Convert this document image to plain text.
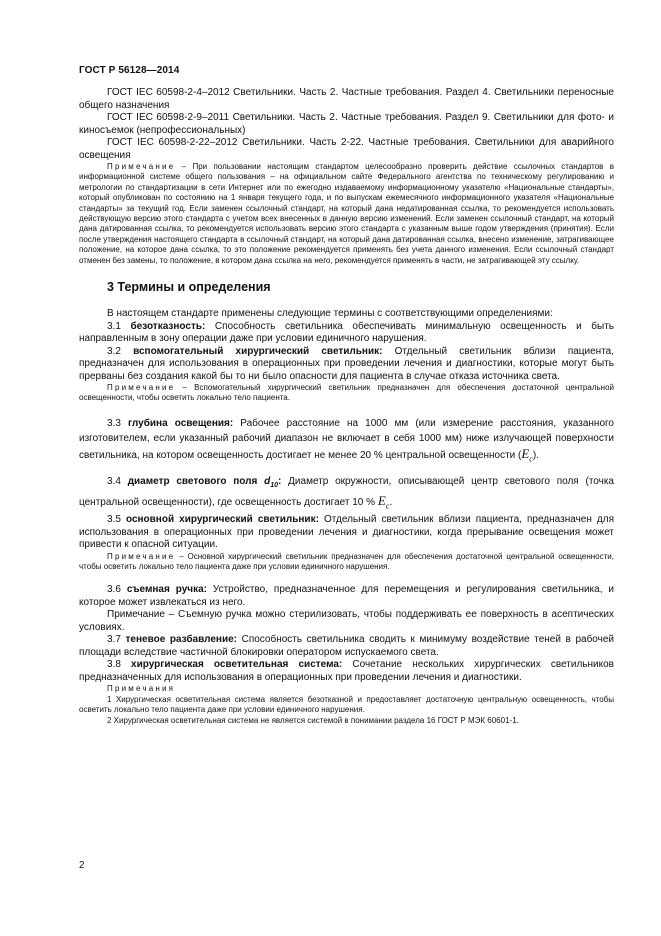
ГОСТ Р 56128—2014

ГОСТ IEC 60598-2-4–2012 Светильники. Часть 2. Частные требования. Раздел 4. Светильники переносные общего назначения

ГОСТ IEC 60598-2-9–2011 Светильники. Часть 2. Частные требования. Раздел 9. Светильники для фото- и киносъемок (непрофессиональных)

ГОСТ IEC 60598-2-22–2012 Светильники. Часть 2-22. Частные требования. Светильники для аварийного освещения

Примечание – При пользовании настоящим стандартом целесообразно проверить действие ссылочных стандартов в информационной системе общего пользования – на официальном сайте Федерального агентства по техническому регулированию и метрологии по стандартизации в сети Интернет или по ежегодно издаваемому информационному указателю «Национальные стандарты», который опубликован по состоянию на 1 января текущего года, и по выпускам ежемесячного информационного указателя «Национальные стандарты» за текущий год. Если заменен ссылочный стандарт, на который дана недатированная ссылка, то рекомендуется использовать действующую версию этого стандарта с учетом всех внесенных в данную версию изменений. Если заменен ссылочный стандарт, на который дана датированная ссылка, то рекомендуется использовать версию этого стандарта с указанным выше годом утверждения (принятия). Если после утверждения настоящего стандарта в ссылочный стандарт, на который дана датированная ссылка, внесено изменение, затрагивающее положение, на которое дана ссылка, то это положение рекомендуется применять без учета данного изменения. Если ссылочный стандарт отменен без замены, то положение, в котором дана ссылка на него, рекомендуется применять в части, не затрагивающей эту ссылку.

3 Термины и определения

В настоящем стандарте применены следующие термины с соответствующими определениями:

3.1 безотказность: Способность светильника обеспечивать минимальную освещенность и быть направленным в зону операции даже при условии единичного нарушения.

3.2 вспомогательный хирургический светильник: Отдельный светильник вблизи пациента, предназначен для использования в операционных при проведении лечения и диагностики, которые могут быть прерваны без создания какой бы то ни было опасности для пациента в случае отказа источника света.

Примечание – Вспомогательный хирургический светильник предназначен для обеспечения достаточной центральной освещенности, чтобы осветить локально тело пациента.

3.3 глубина освещения: Рабочее расстояние на 1000 мм (или измерение расстояния, указанного изготовителем, если указанный рабочий диапазон не включает в себя 1000 мм) ниже излучающей поверхности светильника, на котором освещенность достигает не менее 20 % центральной освещенности $(E_c)$.

3.4 диаметр светового поля $d_{10}$: Диаметр окружности, описывающей центр светового поля (точка центральной освещенности), где освещенность достигает 10 % $E_c$.

3.5 основной хирургический светильник: Отдельный светильник вблизи пациента, предназначен для использования в операционных при проведении лечения и диагностики, когда прерывание освещения может привести к опасной ситуации.

Примечание – Основной хирургический светильник предназначен для обеспечения достаточной центральной освещенности, чтобы осветить локально тело пациента даже при условии единичного нарушения.

3.6 съемная ручка: Устройство, предназначенное для перемещения и регулирования светильника, и которое может извлекаться из него.

Примечание – Съемную ручка можно стерилизовать, чтобы поддерживать ее поверхность в асептических условиях.

3.7 теневое разбавление: Способность светильника сводить к минимуму воздействие теней в рабочей площади вследствие частичной блокировки оператором испускаемого света.

3.8 хирургическая осветительная система: Сочетание нескольких хирургических светильников предназначенных для использования в операционных при проведении лечения и диагностики.

Примечания

1 Хирургическая осветительная система является безотказной и предоставляет достаточную центральную освещенность, чтобы осветить локально тело пациента даже при условии единичного нарушения.

2 Хирургическая осветительная система не является системой в понимании раздела 16 ГОСТ Р МЭК 60601-1.

2
